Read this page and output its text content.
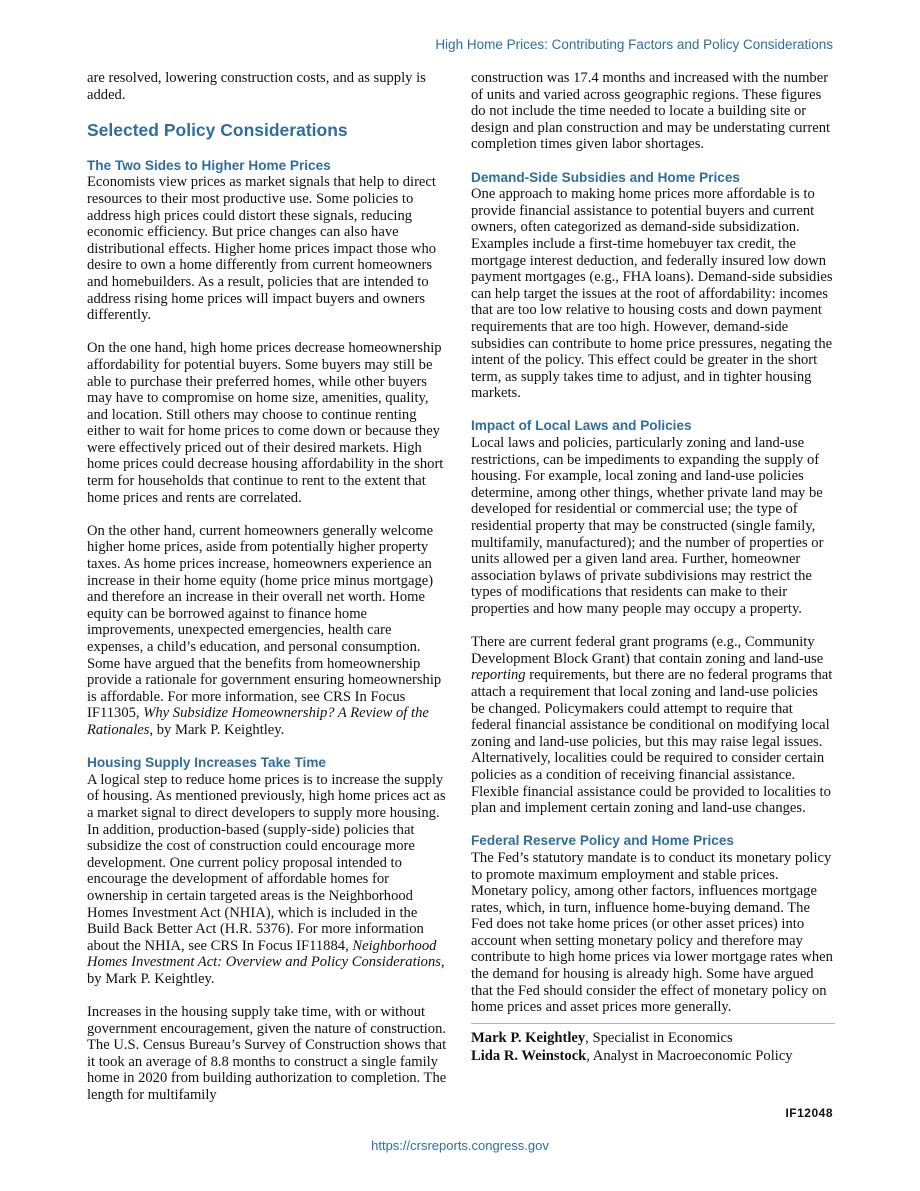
High Home Prices: Contributing Factors and Policy Considerations

are resolved, lowering construction costs, and as supply is added.

Selected Policy Considerations
The Two Sides to Higher Home Prices

Economists view prices as market signals that help to direct resources to their most productive use. Some policies to address high prices could distort these signals, reducing economic efficiency. But price changes can also have distributional effects. Higher home prices impact those who desire to own a home differently from current homeowners and homebuilders. As a result, policies that are intended to address rising home prices will impact buyers and owners differently.

On the one hand, high home prices decrease homeownership affordability for potential buyers. Some buyers may still be able to purchase their preferred homes, while other buyers may have to compromise on home size, amenities, quality, and location. Still others may choose to continue renting either to wait for home prices to come down or because they were effectively priced out of their desired markets. High home prices could decrease housing affordability in the short term for households that continue to rent to the extent that home prices and rents are correlated.

On the other hand, current homeowners generally welcome higher home prices, aside from potentially higher property taxes. As home prices increase, homeowners experience an increase in their home equity (home price minus mortgage) and therefore an increase in their overall net worth. Home equity can be borrowed against to finance home improvements, unexpected emergencies, health care expenses, a child’s education, and personal consumption. Some have argued that the benefits from homeownership provide a rationale for government ensuring homeownership is affordable. For more information, see CRS In Focus IF11305, Why Subsidize Homeownership? A Review of the Rationales, by Mark P. Keightley.

Housing Supply Increases Take Time

A logical step to reduce home prices is to increase the supply of housing. As mentioned previously, high home prices act as a market signal to direct developers to supply more housing. In addition, production-based (supply-side) policies that subsidize the cost of construction could encourage more development. One current policy proposal intended to encourage the development of affordable homes for ownership in certain targeted areas is the Neighborhood Homes Investment Act (NHIA), which is included in the Build Back Better Act (H.R. 5376). For more information about the NHIA, see CRS In Focus IF11884, Neighborhood Homes Investment Act: Overview and Policy Considerations, by Mark P. Keightley.

Increases in the housing supply take time, with or without government encouragement, given the nature of construction. The U.S. Census Bureau’s Survey of Construction shows that it took an average of 8.8 months to construct a single family home in 2020 from building authorization to completion. The length for multifamily

construction was 17.4 months and increased with the number of units and varied across geographic regions. These figures do not include the time needed to locate a building site or design and plan construction and may be understating current completion times given labor shortages.

Demand-Side Subsidies and Home Prices

One approach to making home prices more affordable is to provide financial assistance to potential buyers and current owners, often categorized as demand-side subsidization. Examples include a first-time homebuyer tax credit, the mortgage interest deduction, and federally insured low down payment mortgages (e.g., FHA loans). Demand-side subsidies can help target the issues at the root of affordability: incomes that are too low relative to housing costs and down payment requirements that are too high. However, demand-side subsidies can contribute to home price pressures, negating the intent of the policy. This effect could be greater in the short term, as supply takes time to adjust, and in tighter housing markets.

Impact of Local Laws and Policies

Local laws and policies, particularly zoning and land-use restrictions, can be impediments to expanding the supply of housing. For example, local zoning and land-use policies determine, among other things, whether private land may be developed for residential or commercial use; the type of residential property that may be constructed (single family, multifamily, manufactured); and the number of properties or units allowed per a given land area. Further, homeowner association bylaws of private subdivisions may restrict the types of modifications that residents can make to their properties and how many people may occupy a property.

There are current federal grant programs (e.g., Community Development Block Grant) that contain zoning and land-use reporting requirements, but there are no federal programs that attach a requirement that local zoning and land-use policies be changed. Policymakers could attempt to require that federal financial assistance be conditional on modifying local zoning and land-use policies, but this may raise legal issues. Alternatively, localities could be required to consider certain policies as a condition of receiving financial assistance. Flexible financial assistance could be provided to localities to plan and implement certain zoning and land-use changes.

Federal Reserve Policy and Home Prices

The Fed’s statutory mandate is to conduct its monetary policy to promote maximum employment and stable prices. Monetary policy, among other factors, influences mortgage rates, which, in turn, influence home-buying demand. The Fed does not take home prices (or other asset prices) into account when setting monetary policy and therefore may contribute to high home prices via lower mortgage rates when the demand for housing is already high. Some have argued that the Fed should consider the effect of monetary policy on home prices and asset prices more generally.

Mark P. Keightley, Specialist in Economics

Lida R. Weinstock, Analyst in Macroeconomic Policy

IF12048
https://crsreports.congress.gov
